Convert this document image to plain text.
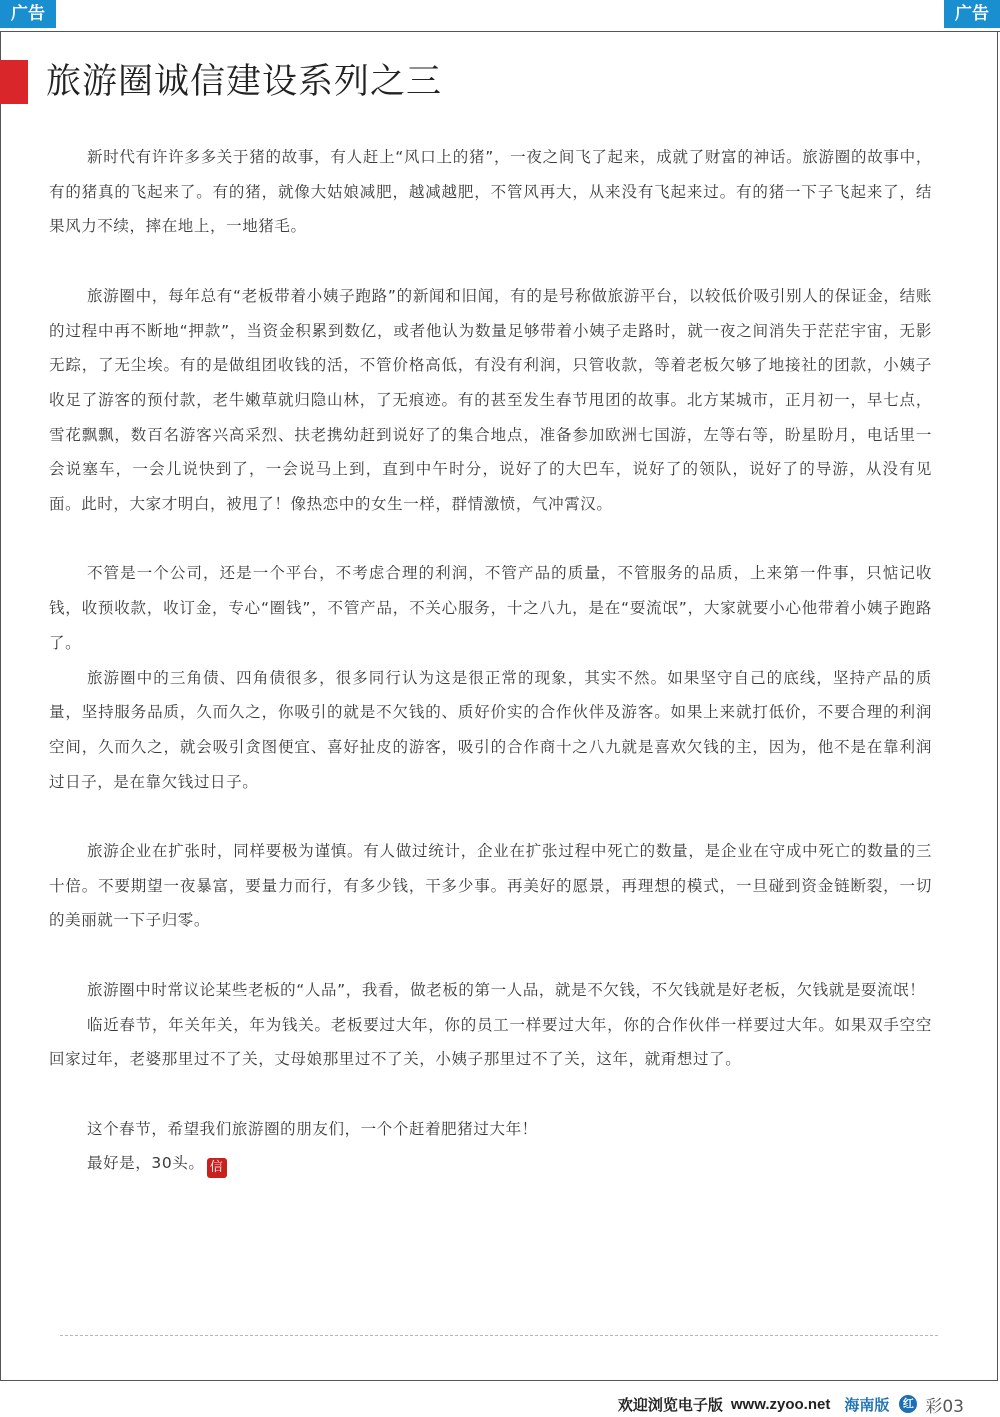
广告	广告
旅游圈诚信建设系列之三

新时代有许许多多关于猪的故事，有人赶上“风口上的猪”，一夜之间飞了起来，成就了财富的神话。旅游圈的故事中，有的猪真的飞起来了。有的猪，就像大姑娘减肥，越减越肥，不管风再大，从来没有飞起来过。有的猪一下子飞起来了，结果风力不续，摔在地上，一地猪毛。

旅游圈中，每年总有“老板带着小姨子跑路”的新闻和旧闻，有的是号称做旅游平台，以较低价吸引别人的保证金，结账的过程中再不断地“押款”，当资金积累到数亿，或者他认为数量足够带着小姨子走路时，就一夜之间消失于茫茫宇宙，无影无踪，了无尘埃。有的是做组团收钱的活，不管价格高低，有没有利润，只管收款，等着老板欠够了地接社的团款，小姨子收足了游客的预付款，老牛嫩草就归隐山林，了无痕迹。有的甚至发生春节甩团的故事。北方某城市，正月初一，早七点，雪花飘飘，数百名游客兴高采烈、扶老携幼赶到说好了的集合地点，准备参加欧洲七国游，左等右等，盼星盼月，电话里一会说塞车，一会儿说快到了，一会说马上到，直到中午时分，说好了的大巴车，说好了的领队，说好了的导游，从没有见面。此时，大家才明白，被甩了！像热恋中的女生一样，群情激愤，气冲霄汉。

不管是一个公司，还是一个平台，不考虑合理的利润，不管产品的质量，不管服务的品质，上来第一件事，只惦记收钱，收预收款，收订金，专心“圈钱”，不管产品，不关心服务，十之八九，是在“耍流氓”，大家就要小心他带着小姨子跑路了。

旅游圈中的三角债、四角债很多，很多同行认为这是很正常的现象，其实不然。如果坚守自己的底线，坚持产品的质量，坚持服务品质，久而久之，你吸引的就是不欠钱的、质好价实的合作伙伴及游客。如果上来就打低价，不要合理的利润空间，久而久之，就会吸引贪图便宜、喜好扯皮的游客，吸引的合作商十之八九就是喜欢欠钱的主，因为，他不是在靠利润过日子，是在靠欠钱过日子。

旅游企业在扩张时，同样要极为谨慎。有人做过统计，企业在扩张过程中死亡的数量，是企业在守成中死亡的数量的三十倍。不要期望一夜暴富，要量力而行，有多少钱，干多少事。再美好的愿景，再理想的模式，一旦碰到资金链断裂，一切的美丽就一下子归零。

旅游圈中时常议论某些老板的“人品”，我看，做老板的第一人品，就是不欠钱，不欠钱就是好老板，欠钱就是耍流氓！

临近春节，年关年关，年为钱关。老板要过大年，你的员工一样要过大年，你的合作伙伴一样要过大年。如果双手空空回家过年，老婆那里过不了关，丈母娘那里过不了关，小姨子那里过不了关，这年，就甭想过了。

这个春节，希望我们旅游圈的朋友们，一个个赶着肥猪过大年！

最好是，30头。 信

欢迎浏览电子版 www.zyoo.net 海南版	红 彩03
